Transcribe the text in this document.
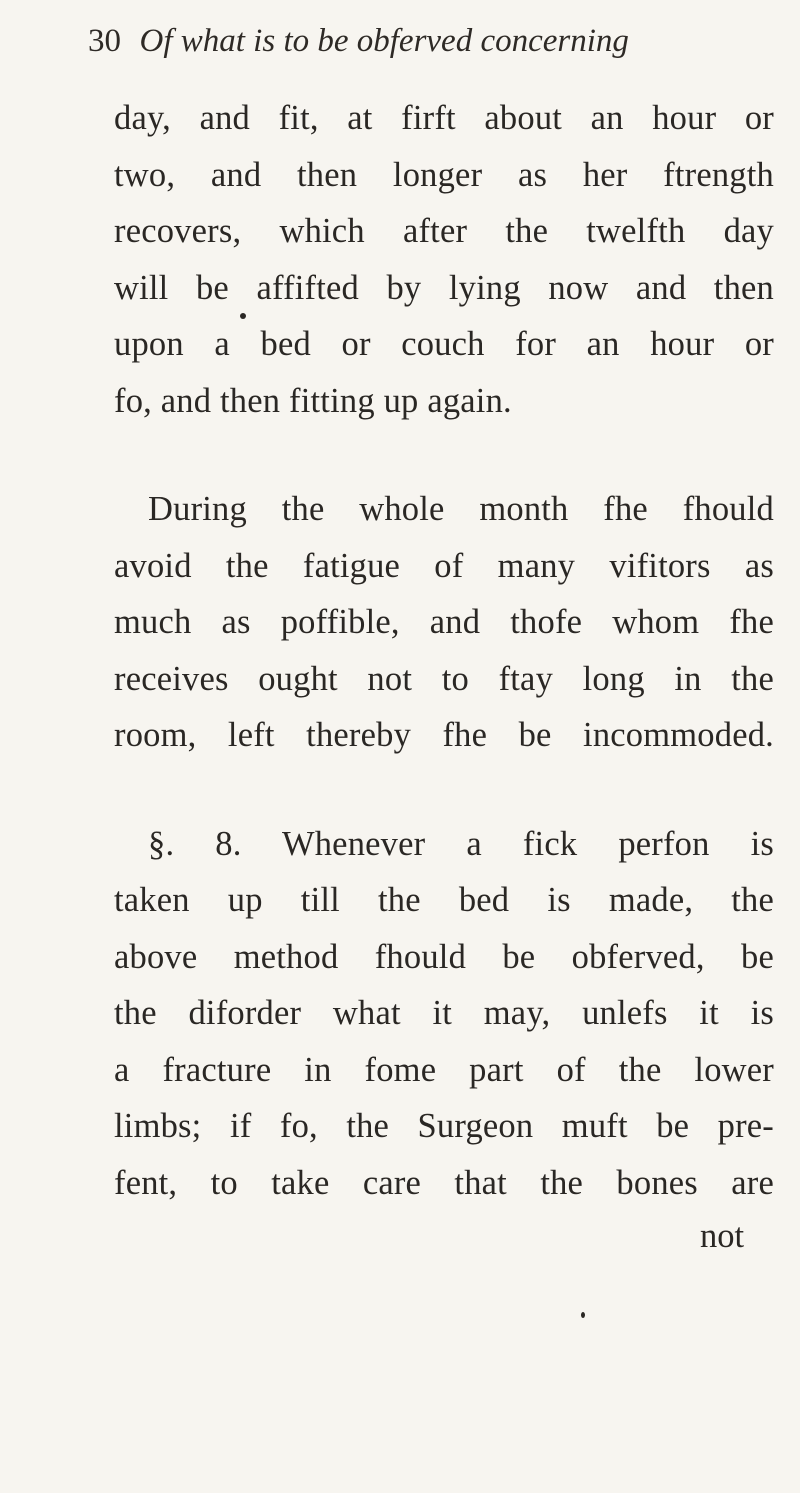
30 Of what is to be obferved concerning
day, and fit, at firft about an hour or
two, and then longer as her ftrength
recovers, which after the twelfth day
will be affifted by lying now and then
upon a bed or couch for an hour or
fo, and then fitting up again.
During the whole month fhe fhould
avoid the fatigue of many vifitors as
much as poffible, and thofe whom fhe
receives ought not to ftay long in the
room, left thereby fhe be incommoded.
§. 8. Whenever a fick perfon is
taken up till the bed is made, the
above method fhould be obferved, be
the diforder what it may, unlefs it is
a fracture in fome part of the lower
limbs; if fo, the Surgeon muft be pre-
fent, to take care that the bones are
not
